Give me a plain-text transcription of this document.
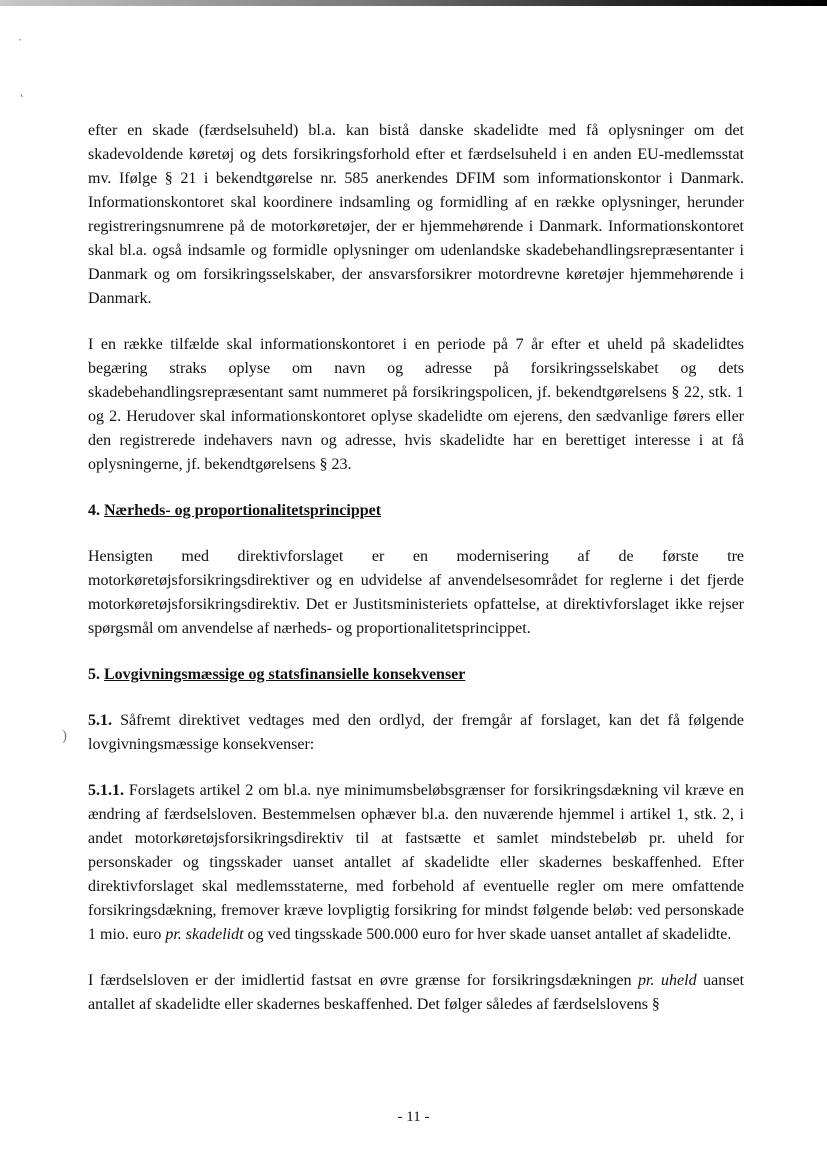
·
˛
)

efter en skade (færdselsuheld) bl.a. kan bistå danske skadelidte med få oplysninger om det skadevoldende køretøj og dets forsikringsforhold efter et færdselsuheld i en anden EU-medlemsstat mv. Ifølge § 21 i bekendtgørelse nr. 585 anerkendes DFIM som informationskontor i Danmark. Informationskontoret skal koordinere indsamling og formidling af en række oplysninger, herunder registreringsnumrene på de motorkøretøjer, der er hjemmehørende i Danmark. Informationskontoret skal bl.a. også indsamle og formidle oplysninger om udenlandske skadebehandlingsrepræsentanter i Danmark og om forsikringsselskaber, der ansvarsforsikrer motordrevne køretøjer hjemmehørende i Danmark.

I en række tilfælde skal informationskontoret i en periode på 7 år efter et uheld på skadelidtes begæring straks oplyse om navn og adresse på forsikringsselskabet og dets skadebehandlingsrepræsentant samt nummeret på forsikringspolicen, jf. bekendtgørelsens § 22, stk. 1 og 2. Herudover skal informationskontoret oplyse skadelidte om ejerens, den sædvanlige førers eller den registrerede indehavers navn og adresse, hvis skadelidte har en berettiget interesse i at få oplysningerne, jf. bekendtgørelsens § 23.

4. Nærheds- og proportionalitetsprincippet

Hensigten med direktivforslaget er en modernisering af de første tre motorkøretøjsforsikringsdirektiver og en udvidelse af anvendelsesområdet for reglerne i det fjerde motorkøretøjsforsikringsdirektiv. Det er Justitsministeriets opfattelse, at direktivforslaget ikke rejser spørgsmål om anvendelse af nærheds- og proportionalitetsprincippet.

5. Lovgivningsmæssige og statsfinansielle konsekvenser

5.1. Såfremt direktivet vedtages med den ordlyd, der fremgår af forslaget, kan det få følgende lovgivningsmæssige konsekvenser:

5.1.1. Forslagets artikel 2 om bl.a. nye minimumsbeløbsgrænser for forsikringsdækning vil kræve en ændring af færdselsloven. Bestemmelsen ophæver bl.a. den nuværende hjemmel i artikel 1, stk. 2, i andet motorkøretøjsforsikringsdirektiv til at fastsætte et samlet mindstebeløb pr. uheld for personskader og tingsskader uanset antallet af skadelidte eller skadernes beskaffenhed. Efter direktivforslaget skal medlemsstaterne, med forbehold af eventuelle regler om mere omfattende forsikringsdækning, fremover kræve lovpligtig forsikring for mindst følgende beløb: ved personskade 1 mio. euro pr. skadelidt og ved tingsskade 500.000 euro for hver skade uanset antallet af skadelidte.

I færdselsloven er der imidlertid fastsat en øvre grænse for forsikringsdækningen pr. uheld uanset antallet af skadelidte eller skadernes beskaffenhed. Det følger således af færdselslovens §

- 11 -
